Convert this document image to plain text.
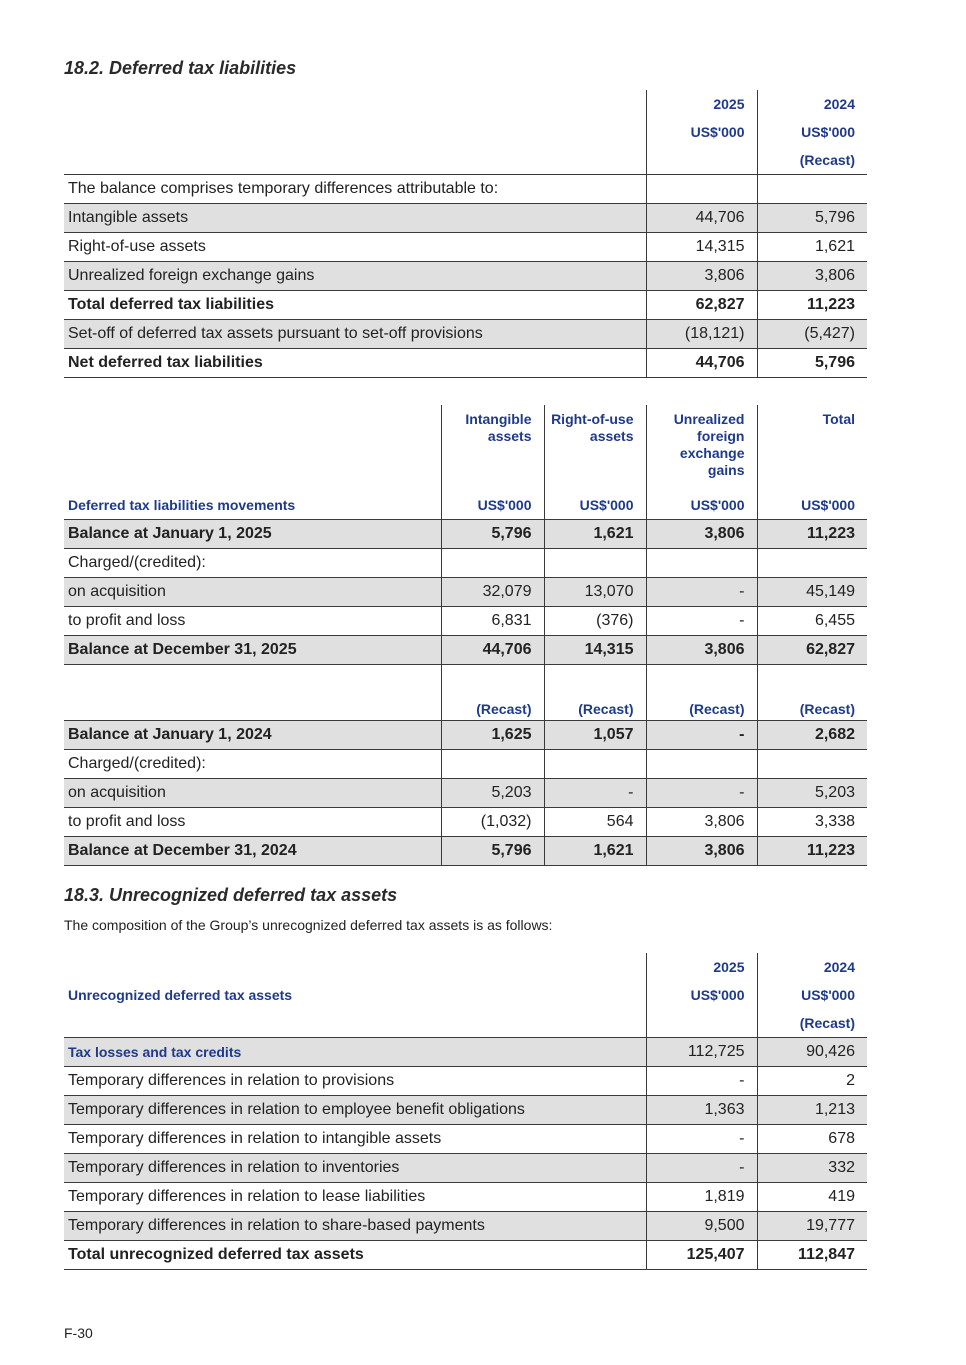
18.2. Deferred tax liabilities
	2025	2024
	US$'000	US$'000
		(Recast)
The balance comprises temporary differences attributable to:		
Intangible assets	44,706	5,796
Right-of-use assets	14,315	1,621
Unrealized foreign exchange gains	3,806	3,806
Total deferred tax liabilities	62,827	11,223
Set-off of deferred tax assets pursuant to set-off provisions	(18,121)	(5,427)
Net deferred tax liabilities	44,706	5,796
	Intangible assets	Right-of-use assets	Unrealized foreign exchange gains	Total
Deferred tax liabilities movements	US$'000	US$'000	US$'000	US$'000
Balance at January 1, 2025	5,796	1,621	3,806	11,223
Charged/(credited):				
on acquisition	32,079	13,070	-	45,149
to profit and loss	6,831	(376)	-	6,455
Balance at December 31, 2025	44,706	14,315	3,806	62,827
	(Recast)	(Recast)	(Recast)	(Recast)
Balance at January 1, 2024	1,625	1,057	-	2,682
Charged/(credited):				
on acquisition	5,203	-	-	5,203
to profit and loss	(1,032)	564	3,806	3,338
Balance at December 31, 2024	5,796	1,621	3,806	11,223
18.3. Unrecognized deferred tax assets
The composition of the Group’s unrecognized deferred tax assets is as follows:
	2025	2024
Unrecognized deferred tax assets	US$'000	US$'000
		(Recast)
Tax losses and tax credits	112,725	90,426
Temporary differences in relation to provisions	-	2
Temporary differences in relation to employee benefit obligations	1,363	1,213
Temporary differences in relation to intangible assets	-	678
Temporary differences in relation to inventories	-	332
Temporary differences in relation to lease liabilities	1,819	419
Temporary differences in relation to share-based payments	9,500	19,777
Total unrecognized deferred tax assets	125,407	112,847
F-30
